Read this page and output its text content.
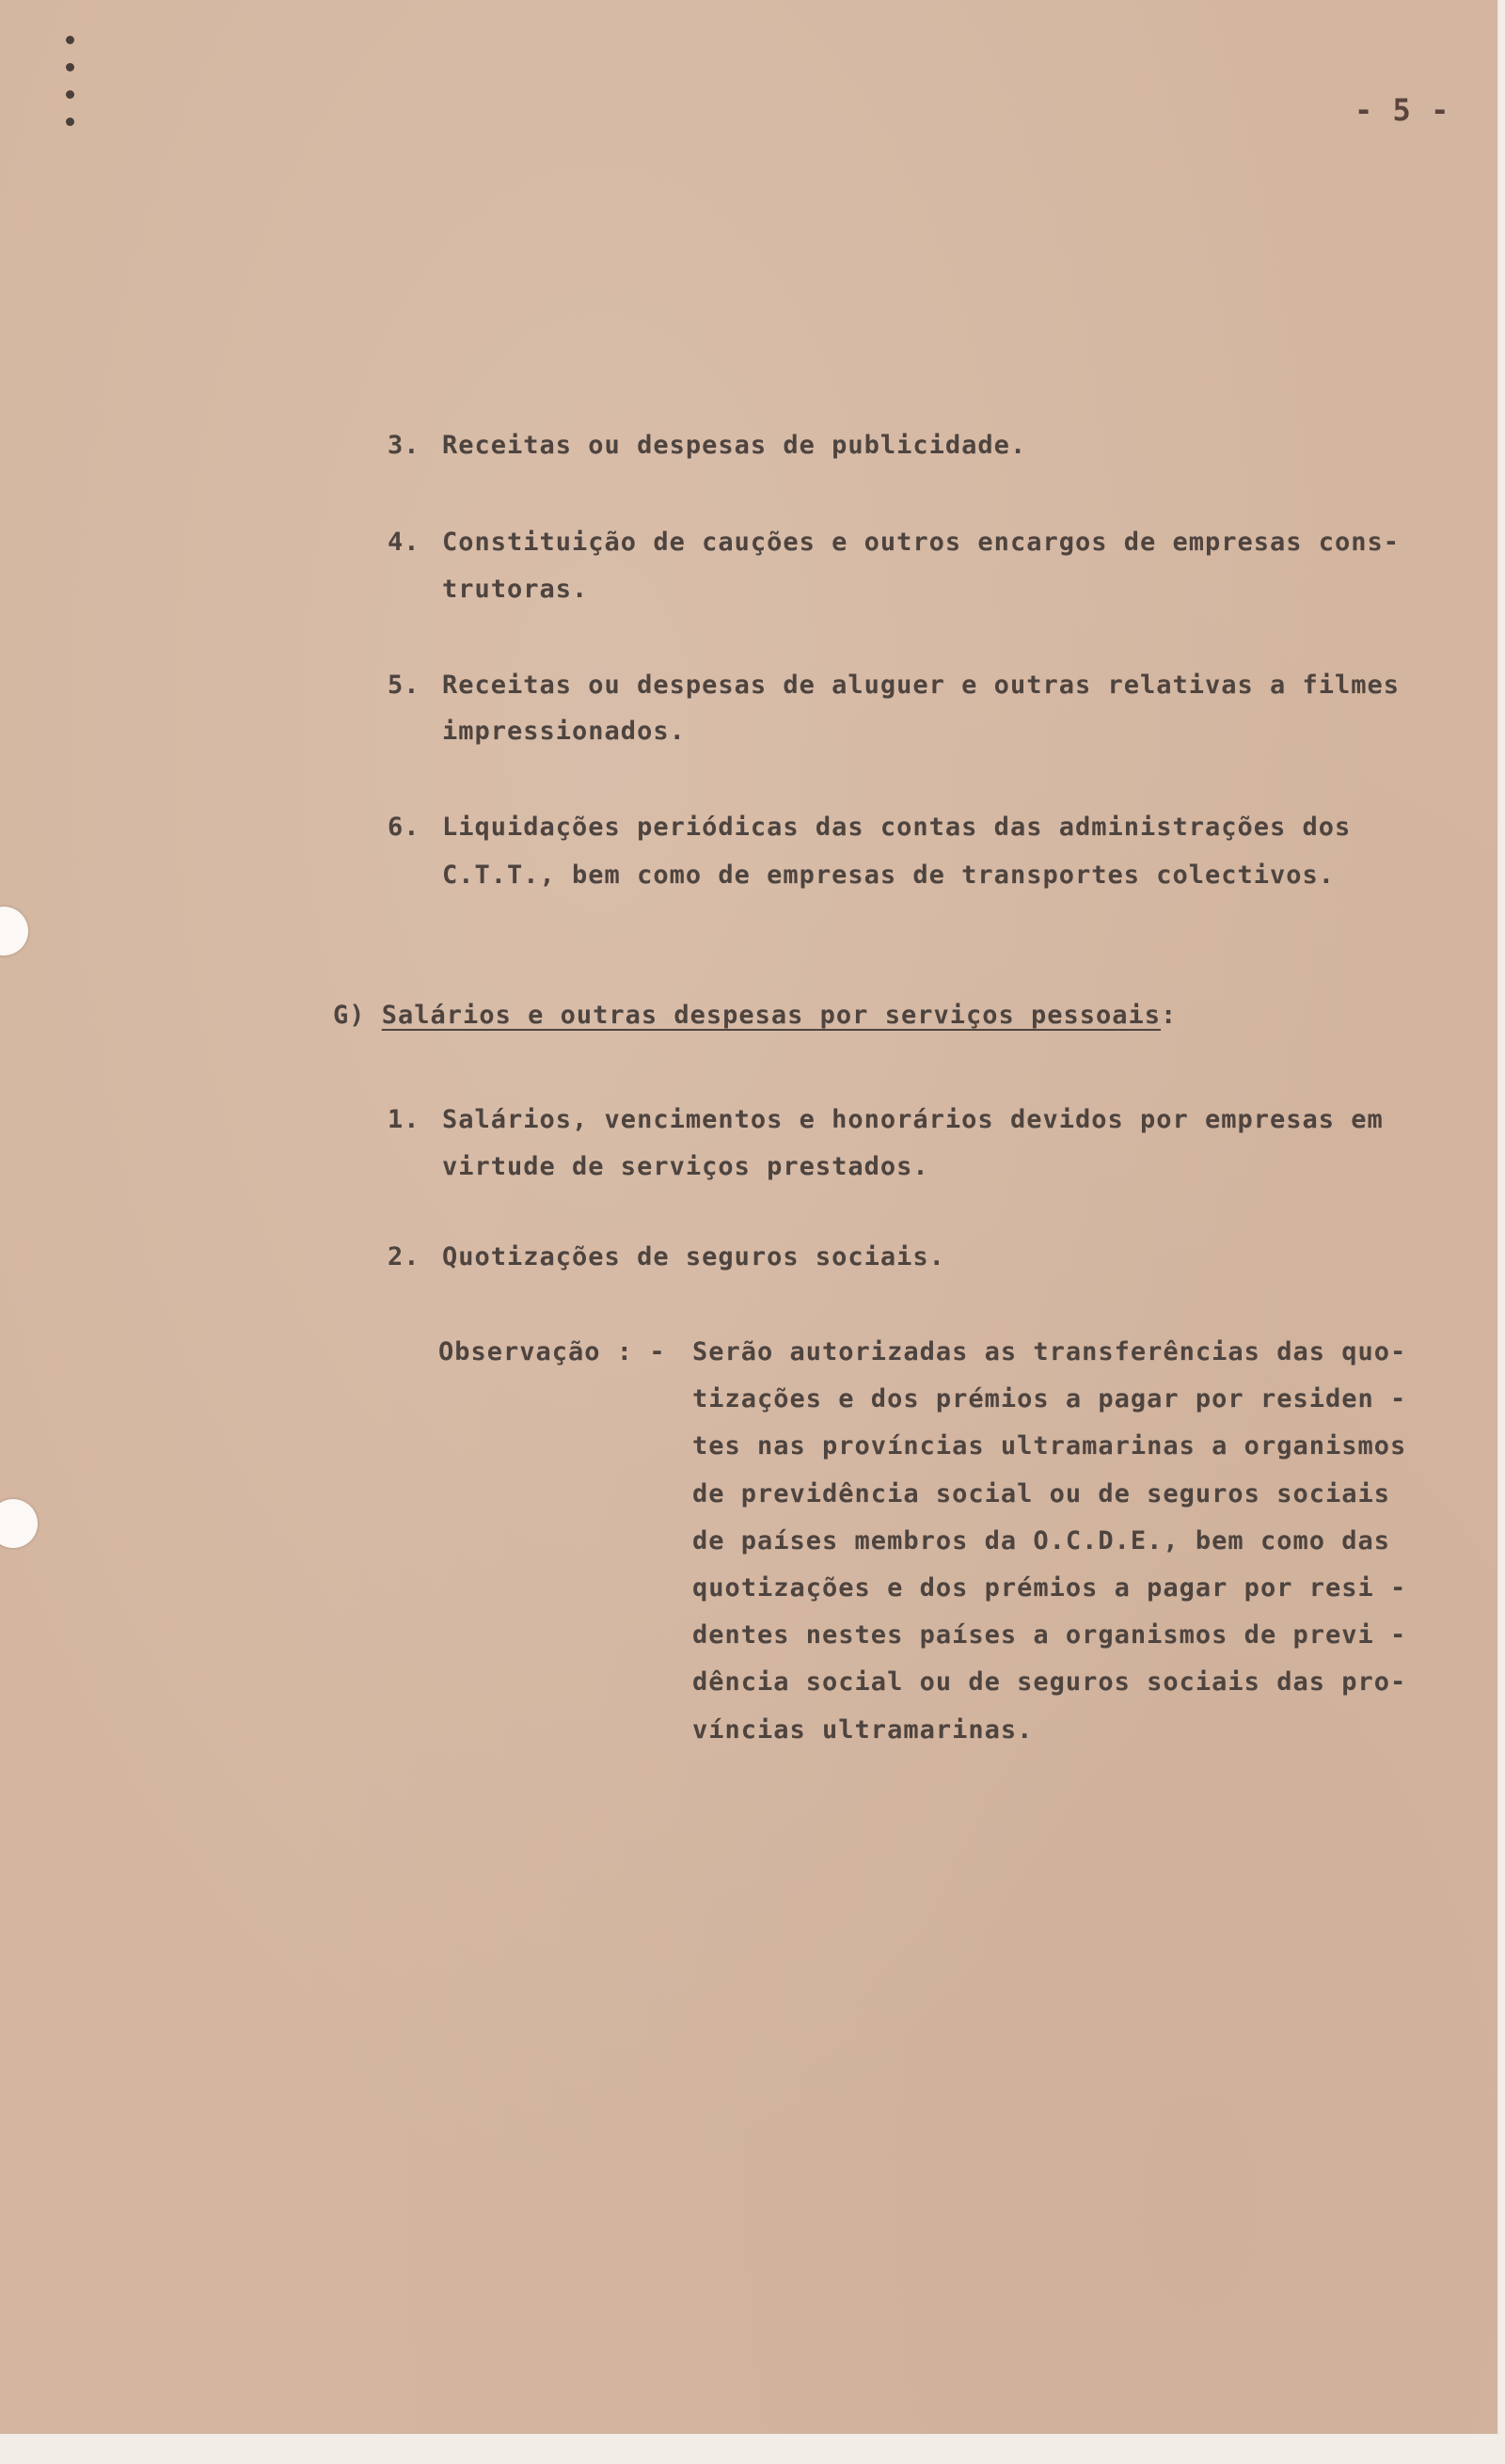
- 5 -
3. Receitas ou despesas de publicidade.
4. Constituição de cauções e outros encargos de empresas cons-
trutoras.
5. Receitas ou despesas de aluguer e outras relativas a filmes
impressionados.
6. Liquidações periódicas das contas das administrações dos
C.T.T., bem como de empresas de transportes colectivos.
G) Salários e outras despesas por serviços pessoais:
1. Salários, vencimentos e honorários devidos por empresas em
virtude de serviços prestados.
2. Quotizações de seguros sociais.
Observação : - Serão autorizadas as transferências das quo-
tizações e dos prémios a pagar por residen -
tes nas províncias ultramarinas a organismos
de previdência social ou de seguros sociais
de países membros da O.C.D.E., bem como das
quotizações e dos prémios a pagar por resi -
dentes nestes países a organismos de previ -
dência social ou de seguros sociais das pro-
víncias ultramarinas.
